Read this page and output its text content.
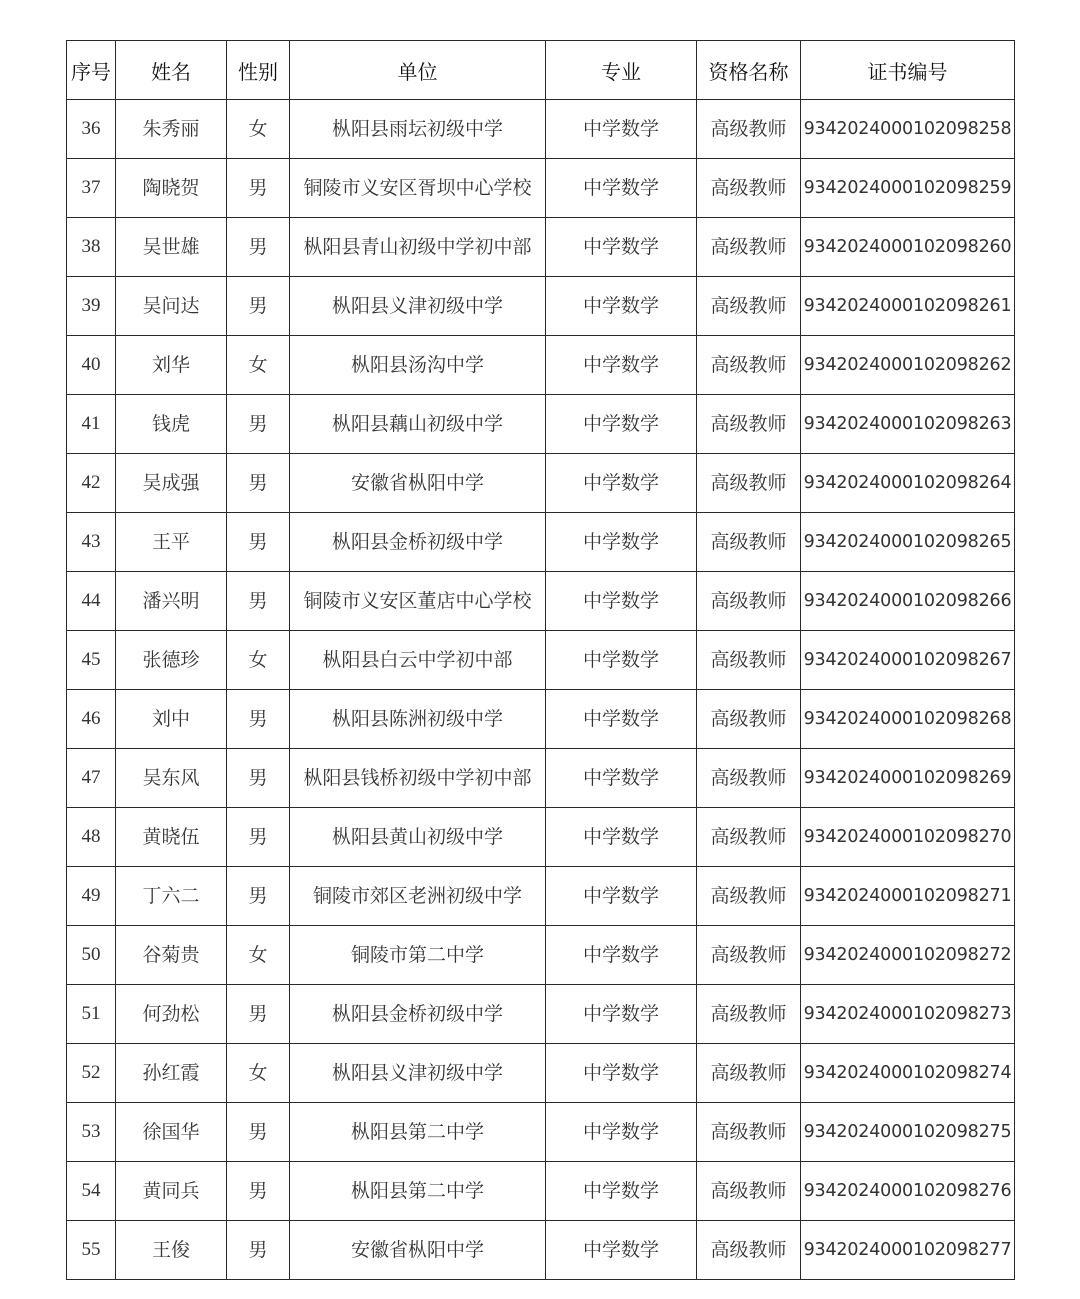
序号	姓名	性别	单位	专业	资格名称	证书编号
36	朱秀丽	女	枞阳县雨坛初级中学	中学数学	高级教师	9342024000102098258
37	陶晓贺	男	铜陵市义安区胥坝中心学校	中学数学	高级教师	9342024000102098259
38	吴世雄	男	枞阳县青山初级中学初中部	中学数学	高级教师	9342024000102098260
39	吴问达	男	枞阳县义津初级中学	中学数学	高级教师	9342024000102098261
40	刘华	女	枞阳县汤沟中学	中学数学	高级教师	9342024000102098262
41	钱虎	男	枞阳县藕山初级中学	中学数学	高级教师	9342024000102098263
42	吴成强	男	安徽省枞阳中学	中学数学	高级教师	9342024000102098264
43	王平	男	枞阳县金桥初级中学	中学数学	高级教师	9342024000102098265
44	潘兴明	男	铜陵市义安区董店中心学校	中学数学	高级教师	9342024000102098266
45	张德珍	女	枞阳县白云中学初中部	中学数学	高级教师	9342024000102098267
46	刘中	男	枞阳县陈洲初级中学	中学数学	高级教师	9342024000102098268
47	吴东风	男	枞阳县钱桥初级中学初中部	中学数学	高级教师	9342024000102098269
48	黄晓伍	男	枞阳县黄山初级中学	中学数学	高级教师	9342024000102098270
49	丁六二	男	铜陵市郊区老洲初级中学	中学数学	高级教师	9342024000102098271
50	谷菊贵	女	铜陵市第二中学	中学数学	高级教师	9342024000102098272
51	何劲松	男	枞阳县金桥初级中学	中学数学	高级教师	9342024000102098273
52	孙红霞	女	枞阳县义津初级中学	中学数学	高级教师	9342024000102098274
53	徐国华	男	枞阳县第二中学	中学数学	高级教师	9342024000102098275
54	黄同兵	男	枞阳县第二中学	中学数学	高级教师	9342024000102098276
55	王俊	男	安徽省枞阳中学	中学数学	高级教师	9342024000102098277
